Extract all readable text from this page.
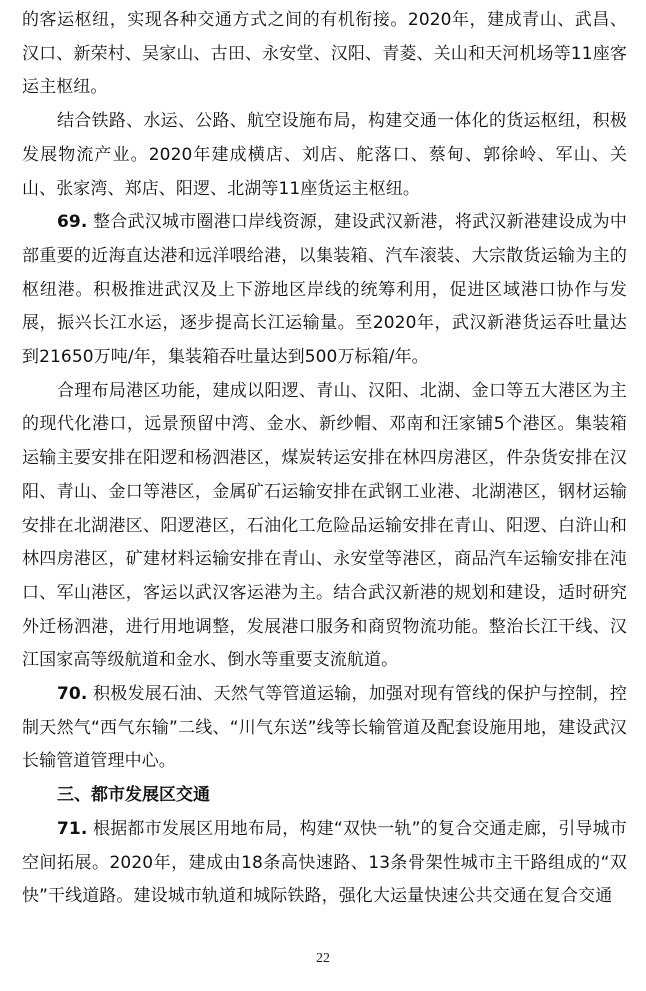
的客运枢纽，实现各种交通方式之间的有机衔接。2020年，建成青山、武昌、汉口、新荣村、吴家山、古田、永安堂、汉阳、青菱、关山和天河机场等11座客运主枢纽。

结合铁路、水运、公路、航空设施布局，构建交通一体化的货运枢纽，积极发展物流产业。2020年建成横店、刘店、舵落口、蔡甸、郭徐岭、军山、关山、张家湾、郑店、阳逻、北湖等11座货运主枢纽。

69. 整合武汉城市圈港口岸线资源，建设武汉新港，将武汉新港建设成为中部重要的近海直达港和远洋喂给港，以集装箱、汽车滚装、大宗散货运输为主的枢纽港。积极推进武汉及上下游地区岸线的统筹利用，促进区域港口协作与发展，振兴长江水运，逐步提高长江运输量。至2020年，武汉新港货运吞吐量达到21650万吨/年，集装箱吞吐量达到500万标箱/年。

合理布局港区功能，建成以阳逻、青山、汉阳、北湖、金口等五大港区为主的现代化港口，远景预留中湾、金水、新纱帽、邓南和汪家铺5个港区。集装箱运输主要安排在阳逻和杨泗港区，煤炭转运安排在林四房港区，件杂货安排在汉阳、青山、金口等港区，金属矿石运输安排在武钢工业港、北湖港区，钢材运输安排在北湖港区、阳逻港区，石油化工危险品运输安排在青山、阳逻、白浒山和林四房港区，矿建材料运输安排在青山、永安堂等港区，商品汽车运输安排在沌口、军山港区，客运以武汉客运港为主。结合武汉新港的规划和建设，适时研究外迁杨泗港，进行用地调整，发展港口服务和商贸物流功能。整治长江干线、汉江国家高等级航道和金水、倒水等重要支流航道。

70. 积极发展石油、天然气等管道运输，加强对现有管线的保护与控制，控制天然气“西气东输”二线、“川气东送”线等长输管道及配套设施用地，建设武汉长输管道管理中心。

三、都市发展区交通

71. 根据都市发展区用地布局，构建“双快一轨”的复合交通走廊，引导城市空间拓展。2020年，建成由18条高快速路、13条骨架性城市主干路组成的“双快”干线道路。建设城市轨道和城际铁路，强化大运量快速公共交通在复合交通

22
